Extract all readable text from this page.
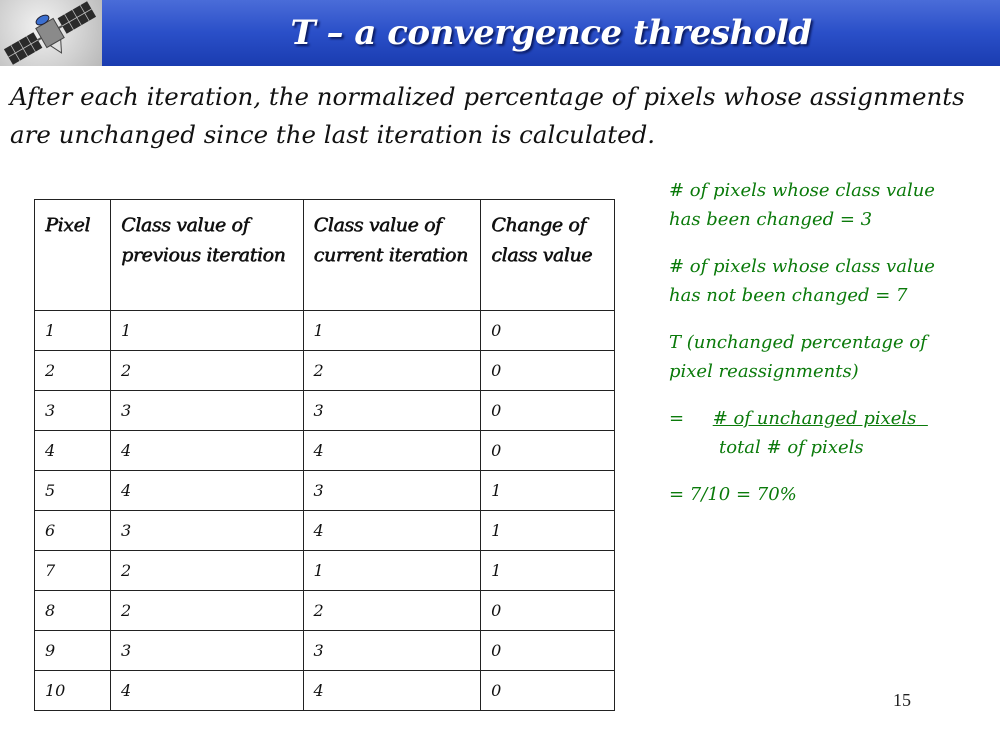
T – a convergence threshold
After each iteration, the normalized percentage of pixels whose assignments are unchanged since the last iteration is calculated.
Pixel	Class value of previous iteration	Class value of current iteration	Change of class value
1	1	1	0
2	2	2	0
3	3	3	0
4	4	4	0
5	4	3	1
6	3	4	1
7	2	1	1
8	2	2	0
9	3	3	0
10	4	4	0

# of pixels whose class value has been changed = 3

# of pixels whose class value has not been changed = 7

T (unchanged percentage of pixel reassignments)

= # of unchanged pixels
total # of pixels

= 7/10 = 70%

15
